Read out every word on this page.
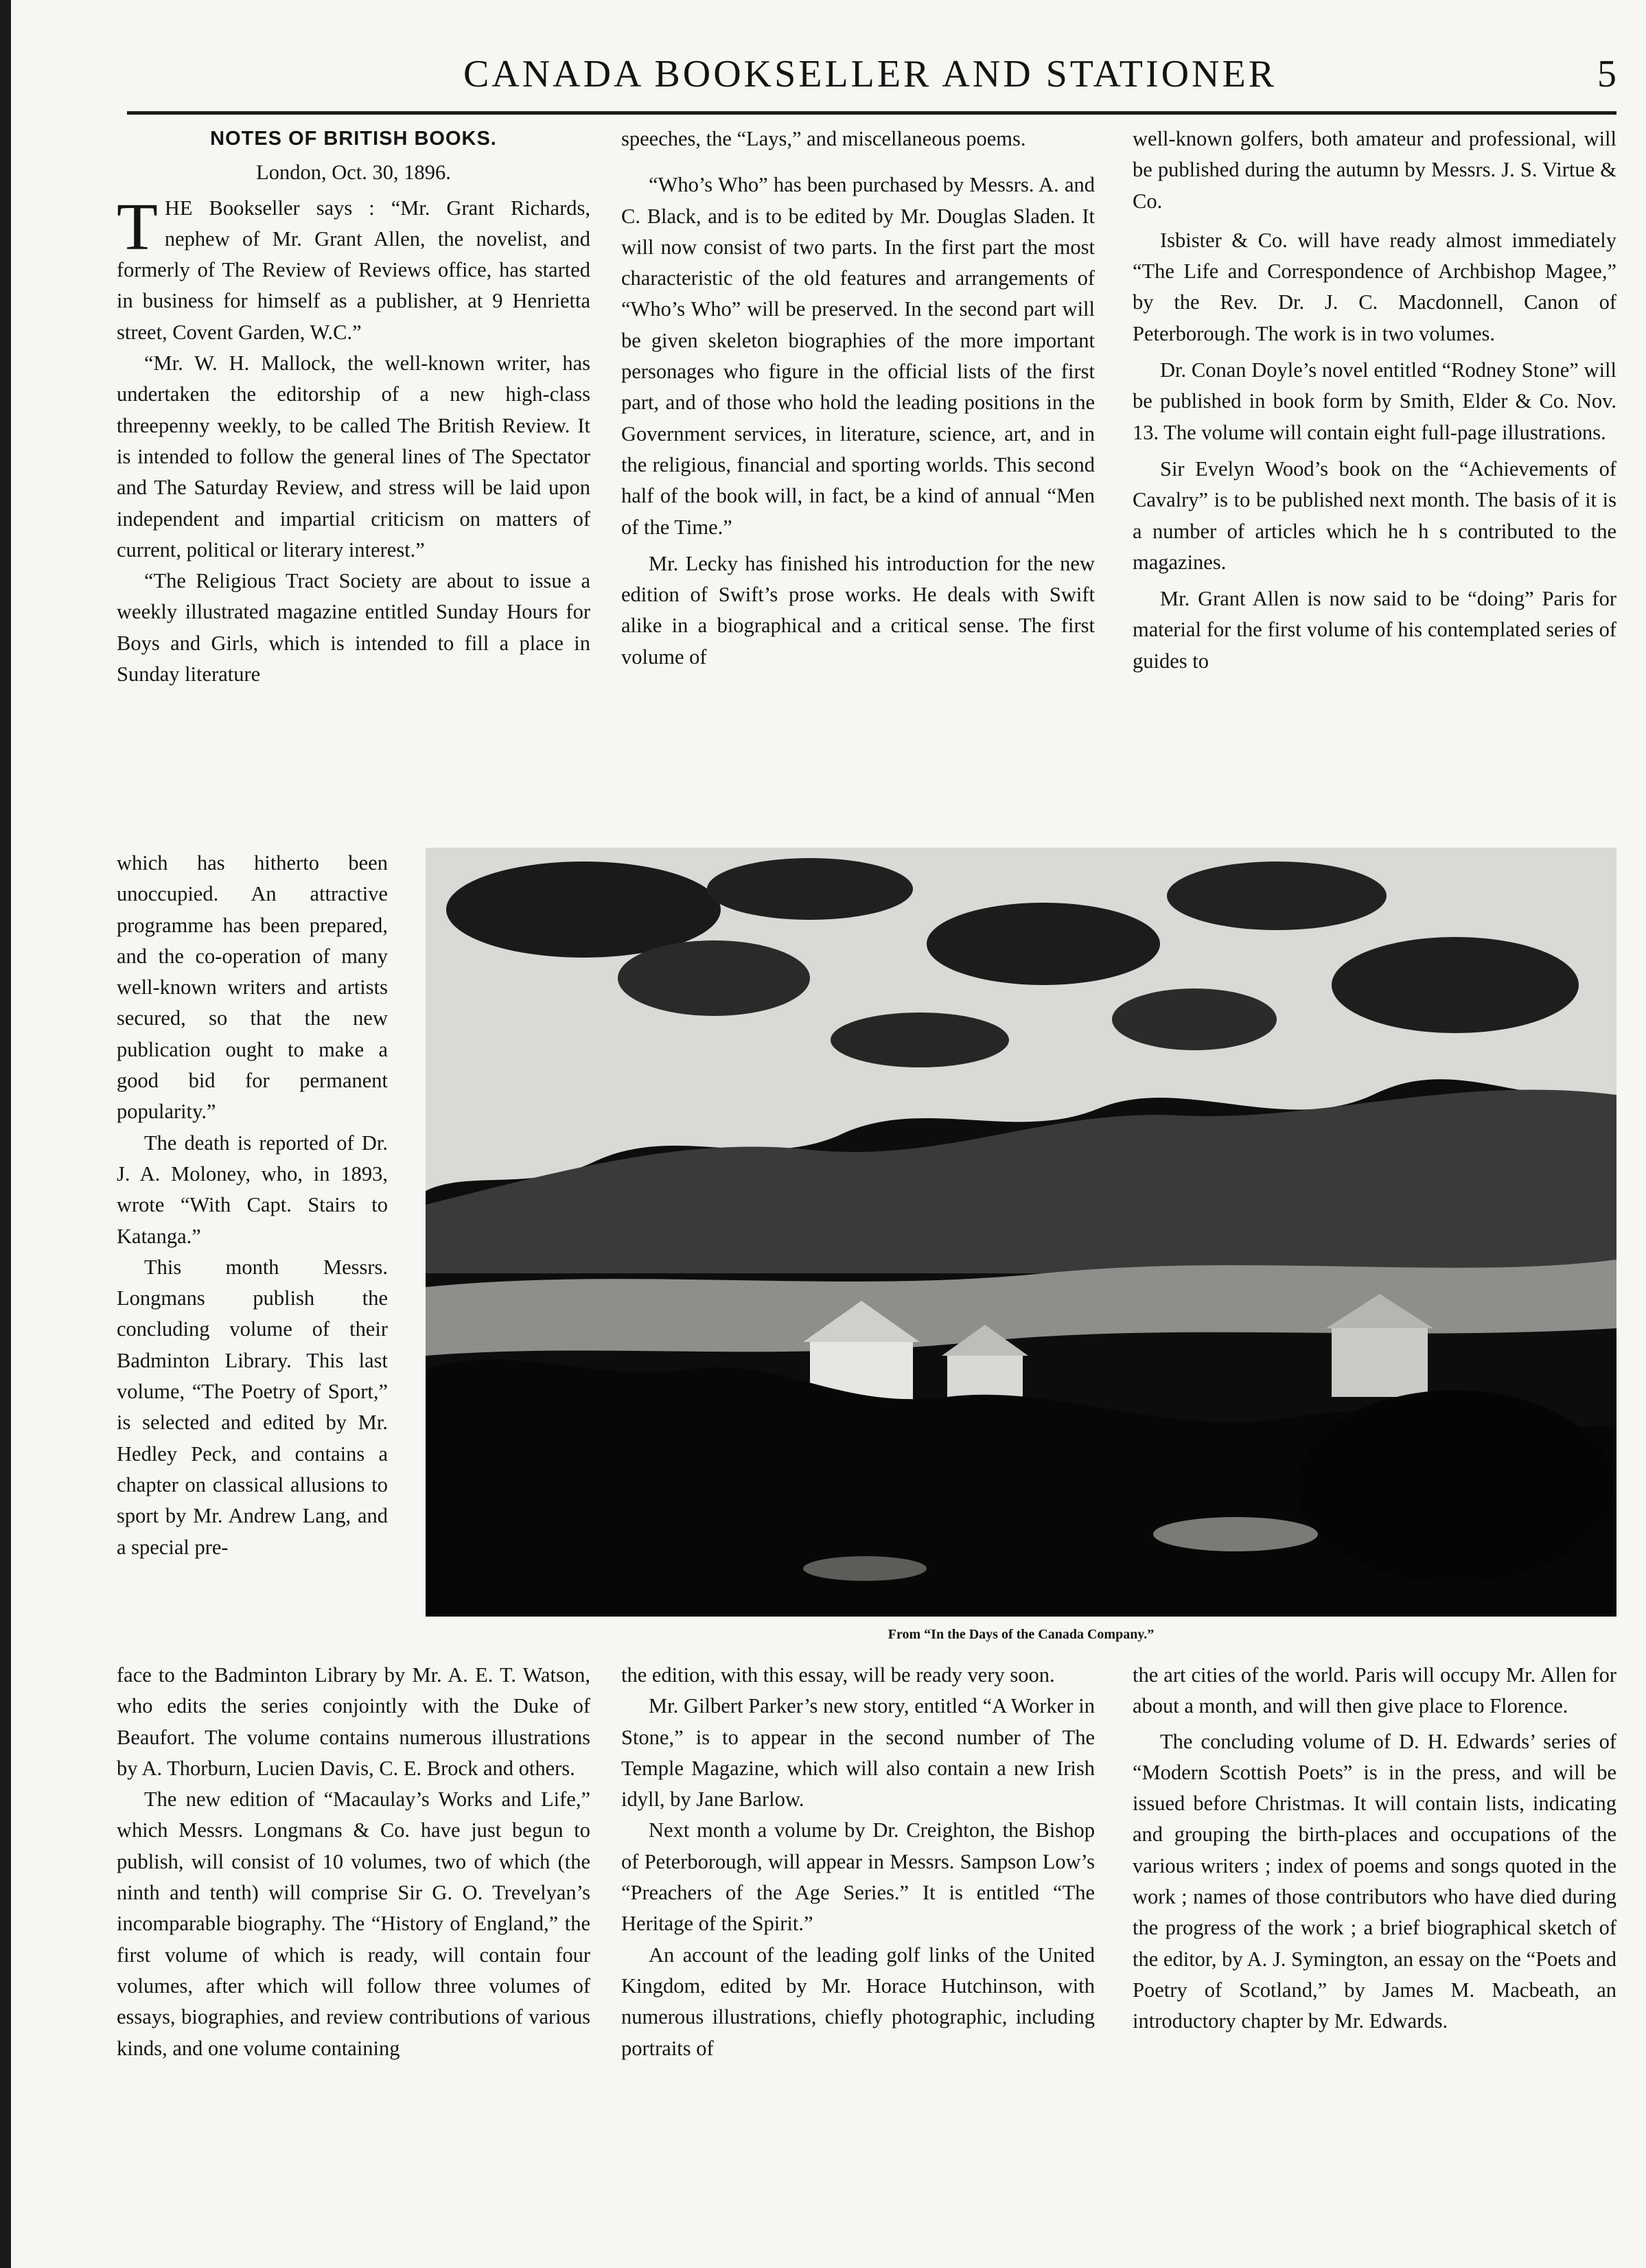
CANADA BOOKSELLER AND STATIONER	5

NOTES OF BRITISH BOOKS.

London, Oct. 30, 1896.

THE Bookseller says : “Mr. Grant Richards, nephew of Mr. Grant Allen, the novelist, and formerly of The Review of Reviews office, has started in business for himself as a publisher, at 9 Henrietta street, Covent Garden, W.C.”

“Mr. W. H. Mallock, the well-known writer, has undertaken the editorship of a new high-class threepenny weekly, to be called The British Review. It is intended to follow the general lines of The Spectator and The Saturday Review, and stress will be laid upon independent and impartial criticism on matters of current, political or literary interest.”

“The Religious Tract Society are about to issue a weekly illustrated magazine entitled Sunday Hours for Boys and Girls, which is intended to fill a place in Sunday literature

which has hitherto been unoccupied. An attractive programme has been prepared, and the co-operation of many well-known writers and artists secured, so that the new publication ought to make a good bid for permanent popularity.”

The death is reported of Dr. J. A. Moloney, who, in 1893, wrote “With Capt. Stairs to Katanga.”

This month Messrs. Longmans publish the concluding volume of their Badminton Library. This last volume, “The Poetry of Sport,” is selected and edited by Mr. Hedley Peck, and contains a chapter on classical allusions to sport by Mr. Andrew Lang, and a special pre-

face to the Badminton Library by Mr. A. E. T. Watson, who edits the series conjointly with the Duke of Beaufort. The volume contains numerous illustrations by A. Thorburn, Lucien Davis, C. E. Brock and others.

The new edition of “Macaulay’s Works and Life,” which Messrs. Longmans & Co. have just begun to publish, will consist of 10 volumes, two of which (the ninth and tenth) will comprise Sir G. O. Trevelyan’s incomparable biography. The “History of England,” the first volume of which is ready, will contain four volumes, after which will follow three volumes of essays, biographies, and review contributions of various kinds, and one volume containing

speeches, the “Lays,” and miscellaneous poems.

“Who’s Who” has been purchased by Messrs. A. and C. Black, and is to be edited by Mr. Douglas Sladen. It will now consist of two parts. In the first part the most characteristic of the old features and arrangements of “Who’s Who” will be preserved. In the second part will be given skeleton biographies of the more important personages who figure in the official lists of the first part, and of those who hold the leading positions in the Government services, in literature, science, art, and in the religious, financial and sporting worlds. This second half of the book will, in fact, be a kind of annual “Men of the Time.”

Mr. Lecky has finished his introduction for the new edition of Swift’s prose works. He deals with Swift alike in a biographical and a critical sense. The first volume of

the edition, with this essay, will be ready very soon.

Mr. Gilbert Parker’s new story, entitled “A Worker in Stone,” is to appear in the second number of The Temple Magazine, which will also contain a new Irish idyll, by Jane Barlow.

Next month a volume by Dr. Creighton, the Bishop of Peterborough, will appear in Messrs. Sampson Low’s “Preachers of the Age Series.” It is entitled “The Heritage of the Spirit.”

An account of the leading golf links of the United Kingdom, edited by Mr. Horace Hutchinson, with numerous illustrations, chiefly photographic, including portraits of

well-known golfers, both amateur and professional, will be published during the autumn by Messrs. J. S. Virtue & Co.

Isbister & Co. will have ready almost immediately “The Life and Correspondence of Archbishop Magee,” by the Rev. Dr. J. C. Macdonnell, Canon of Peterborough. The work is in two volumes.

Dr. Conan Doyle’s novel entitled “Rodney Stone” will be published in book form by Smith, Elder & Co. Nov. 13. The volume will contain eight full-page illustrations.

Sir Evelyn Wood’s book on the “Achievements of Cavalry” is to be published next month. The basis of it is a number of articles which he h s contributed to the magazines.

Mr. Grant Allen is now said to be “doing” Paris for material for the first volume of his contemplated series of guides to

the art cities of the world. Paris will occupy Mr. Allen for about a month, and will then give place to Florence.

The concluding volume of D. H. Edwards’ series of “Modern Scottish Poets” is in the press, and will be issued before Christmas. It will contain lists, indicating and grouping the birth-places and occupations of the various writers ; index of poems and songs quoted in the work ; names of those contributors who have died during the progress of the work ; a brief biographical sketch of the editor, by A. J. Symington, an essay on the “Poets and Poetry of Scotland,” by James M. Macbeath, an introductory chapter by Mr. Edwards.

From “In the Days of the Canada Company.”
